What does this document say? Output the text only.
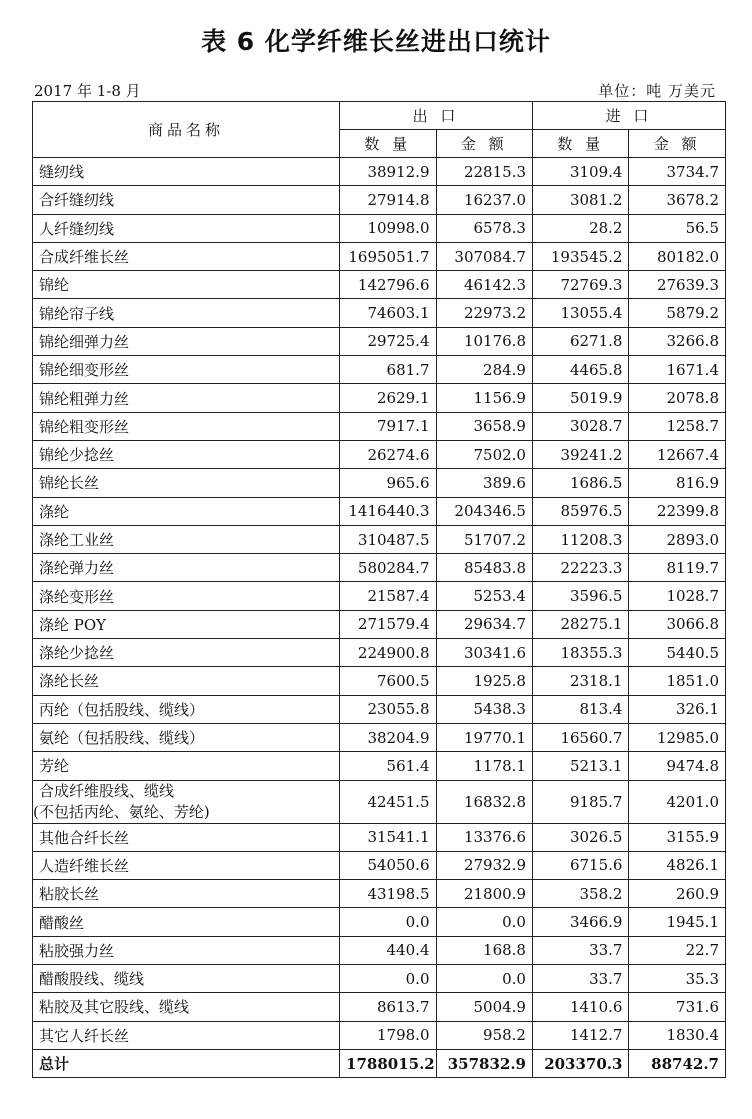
表 6 化学纤维长丝进出口统计
2017 年 1-8 月	单位：吨 万美元
商品名称	出 口		进 口	
	数 量	金 额	数 量	金 额
缝纫线	38912.9	22815.3	3109.4	3734.7
合纤缝纫线	27914.8	16237.0	3081.2	3678.2
人纤缝纫线	10998.0	6578.3	28.2	56.5
合成纤维长丝	1695051.7	307084.7	193545.2	80182.0
锦纶	142796.6	46142.3	72769.3	27639.3
锦纶帘子线	74603.1	22973.2	13055.4	5879.2
锦纶细弹力丝	29725.4	10176.8	6271.8	3266.8
锦纶细变形丝	681.7	284.9	4465.8	1671.4
锦纶粗弹力丝	2629.1	1156.9	5019.9	2078.8
锦纶粗变形丝	7917.1	3658.9	3028.7	1258.7
锦纶少捻丝	26274.6	7502.0	39241.2	12667.4
锦纶长丝	965.6	389.6	1686.5	816.9
涤纶	1416440.3	204346.5	85976.5	22399.8
涤纶工业丝	310487.5	51707.2	11208.3	2893.0
涤纶弹力丝	580284.7	85483.8	22223.3	8119.7
涤纶变形丝	21587.4	5253.4	3596.5	1028.7
涤纶 POY	271579.4	29634.7	28275.1	3066.8
涤纶少捻丝	224900.8	30341.6	18355.3	5440.5
涤纶长丝	7600.5	1925.8	2318.1	1851.0
丙纶（包括股线、缆线）	23055.8	5438.3	813.4	326.1
氨纶（包括股线、缆线）	38204.9	19770.1	16560.7	12985.0
芳纶	561.4	1178.1	5213.1	9474.8

合成纤维股线、缆线
(不包括丙纶、氨纶、芳纶)	42451.5	16832.8	9185.7	4201.0
其他合纤长丝	31541.1	13376.6	3026.5	3155.9
人造纤维长丝	54050.6	27932.9	6715.6	4826.1
粘胶长丝	43198.5	21800.9	358.2	260.9
醋酸丝	0.0	0.0	3466.9	1945.1
粘胶强力丝	440.4	168.8	33.7	22.7
醋酸股线、缆线	0.0	0.0	33.7	35.3
粘胶及其它股线、缆线	8613.7	5004.9	1410.6	731.6
其它人纤长丝	1798.0	958.2	1412.7	1830.4
总计	1788015.2	357832.9	203370.3	88742.7
